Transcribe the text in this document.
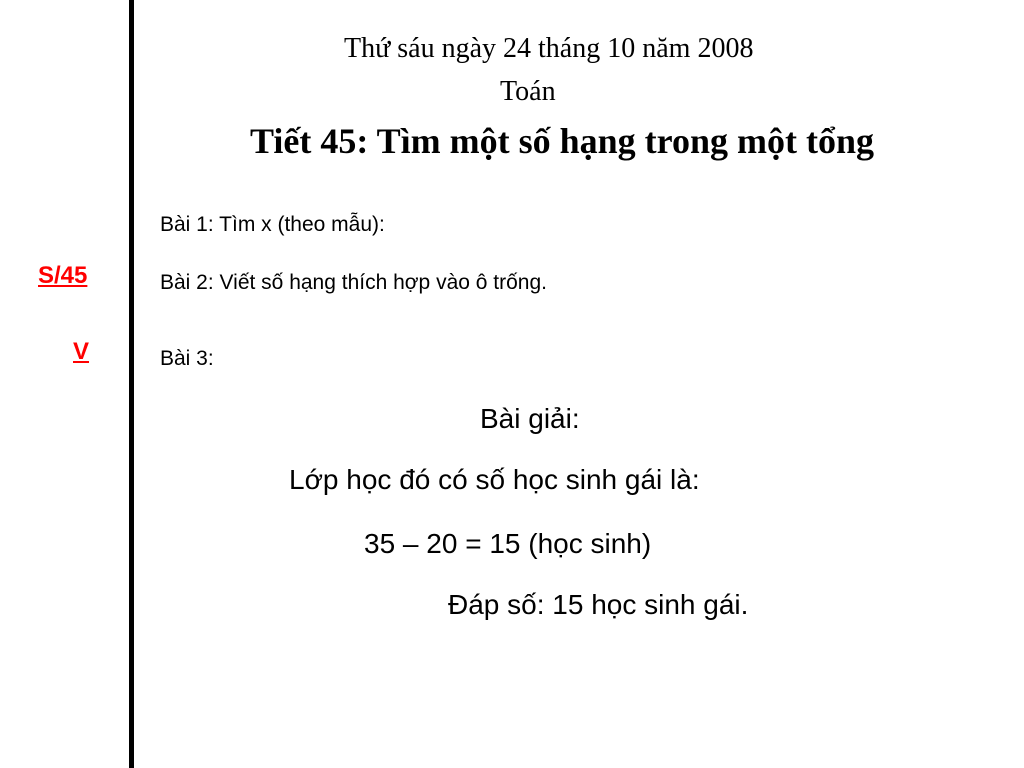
S/45
V
Thứ sáu ngày 24 tháng 10 năm 2008
Toán
Tiết 45: Tìm một số hạng trong một tổng
Bài 1: Tìm x (theo mẫu):
Bài 2: Viết số hạng thích hợp vào ô trống.
Bài 3:
Bài giải:
Lớp học đó có số học sinh gái là:
35 – 20 = 15 (học sinh)
Đáp số: 15 học sinh gái.
